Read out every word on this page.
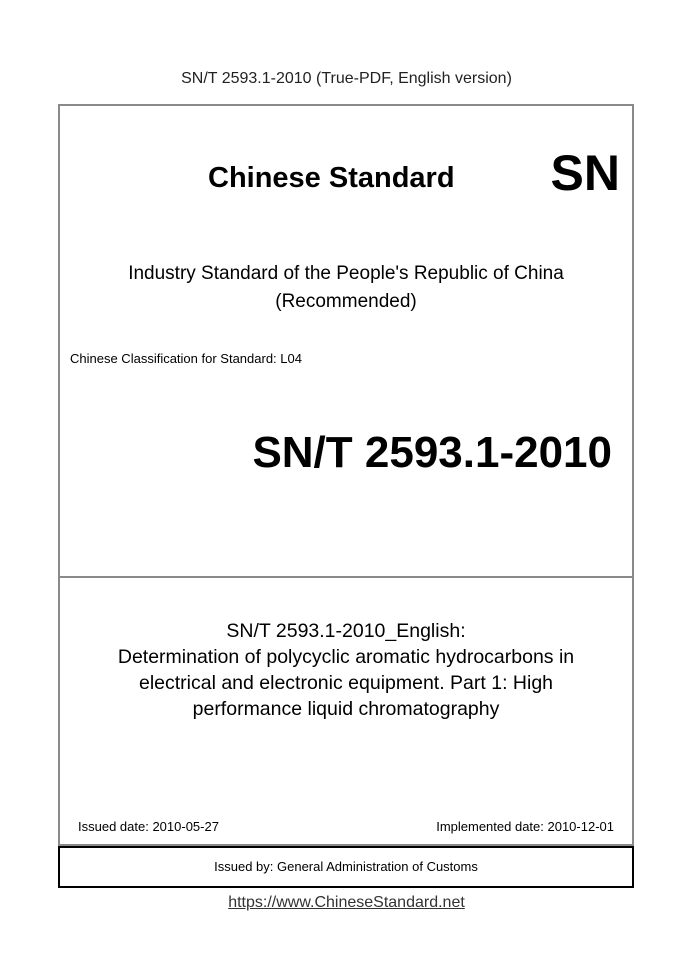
SN/T 2593.1-2010 (True-PDF, English version)
Chinese Standard SN
Industry Standard of the People's Republic of China
(Recommended)
Chinese Classification for Standard: L04
SN/T 2593.1-2010
SN/T 2593.1-2010_English:
Determination of polycyclic aromatic hydrocarbons in
electrical and electronic equipment. Part 1: High
performance liquid chromatography
Issued date: 2010-05-27	Implemented date: 2010-12-01
Issued by: General Administration of Customs
https://www.ChineseStandard.net
